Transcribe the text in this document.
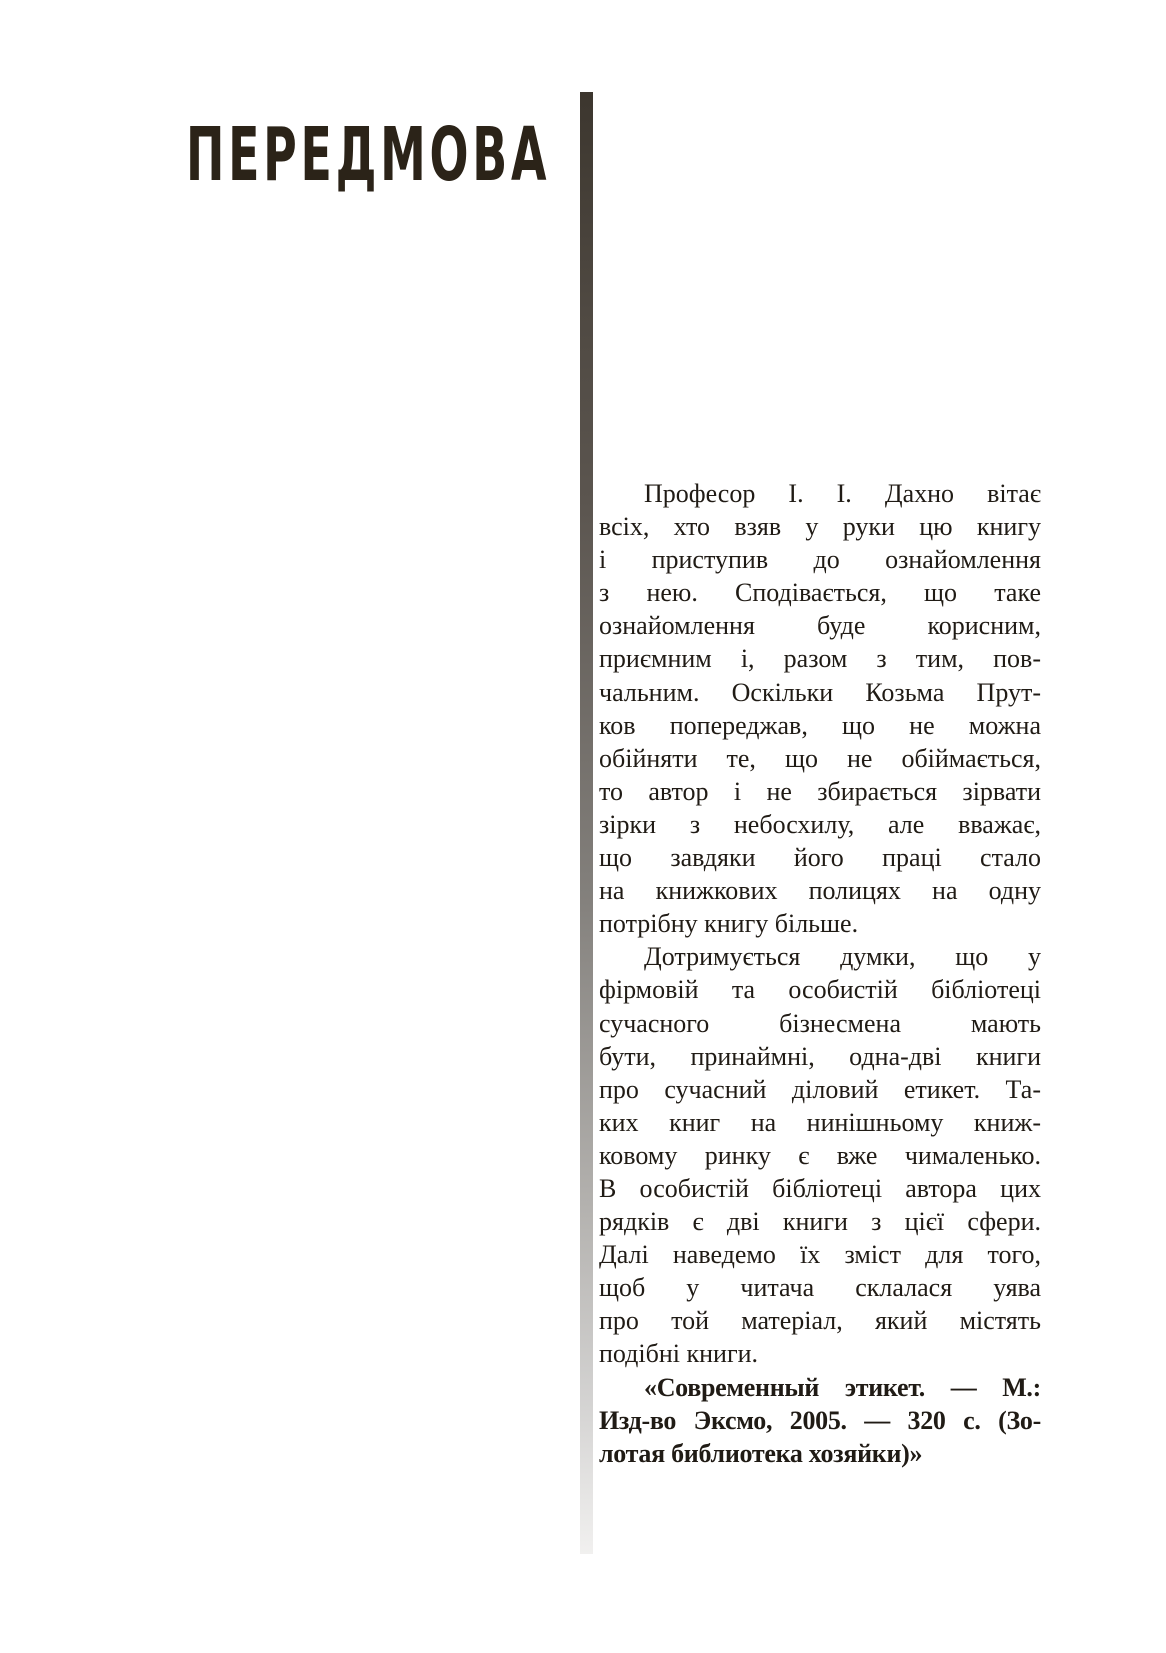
ПЕРЕДМОВА
Професор І. І. Дахно вітає
всіх, хто взяв у руки цю книгу
і приступив до ознайомлення
з нею. Сподівається, що таке
ознайомлення буде корисним,
приємним і, разом з тим, пов-
чальним. Оскільки Козьма Прут-
ков попереджав, що не можна
обійняти те, що не обіймається,
то автор і не збирається зірвати
зірки з небосхилу, але вважає,
що завдяки його праці стало
на книжкових полицях на одну
потрібну книгу більше.
Дотримується думки, що у
фірмовій та особистій бібліотеці
сучасного бізнесмена мають
бути, принаймні, одна-дві книги
про сучасний діловий етикет. Та-
ких книг на нинішньому книж-
ковому ринку є вже чималенько.
В особистій бібліотеці автора цих
рядків є дві книги з цієї сфери.
Далі наведемо їх зміст для того,
щоб у читача склалася уява
про той матеріал, який містять
подібні книги.
«Современный этикет. — М.:
Изд-во Эксмо, 2005. — 320 с. (Зо-
лотая библиотека хозяйки)»
